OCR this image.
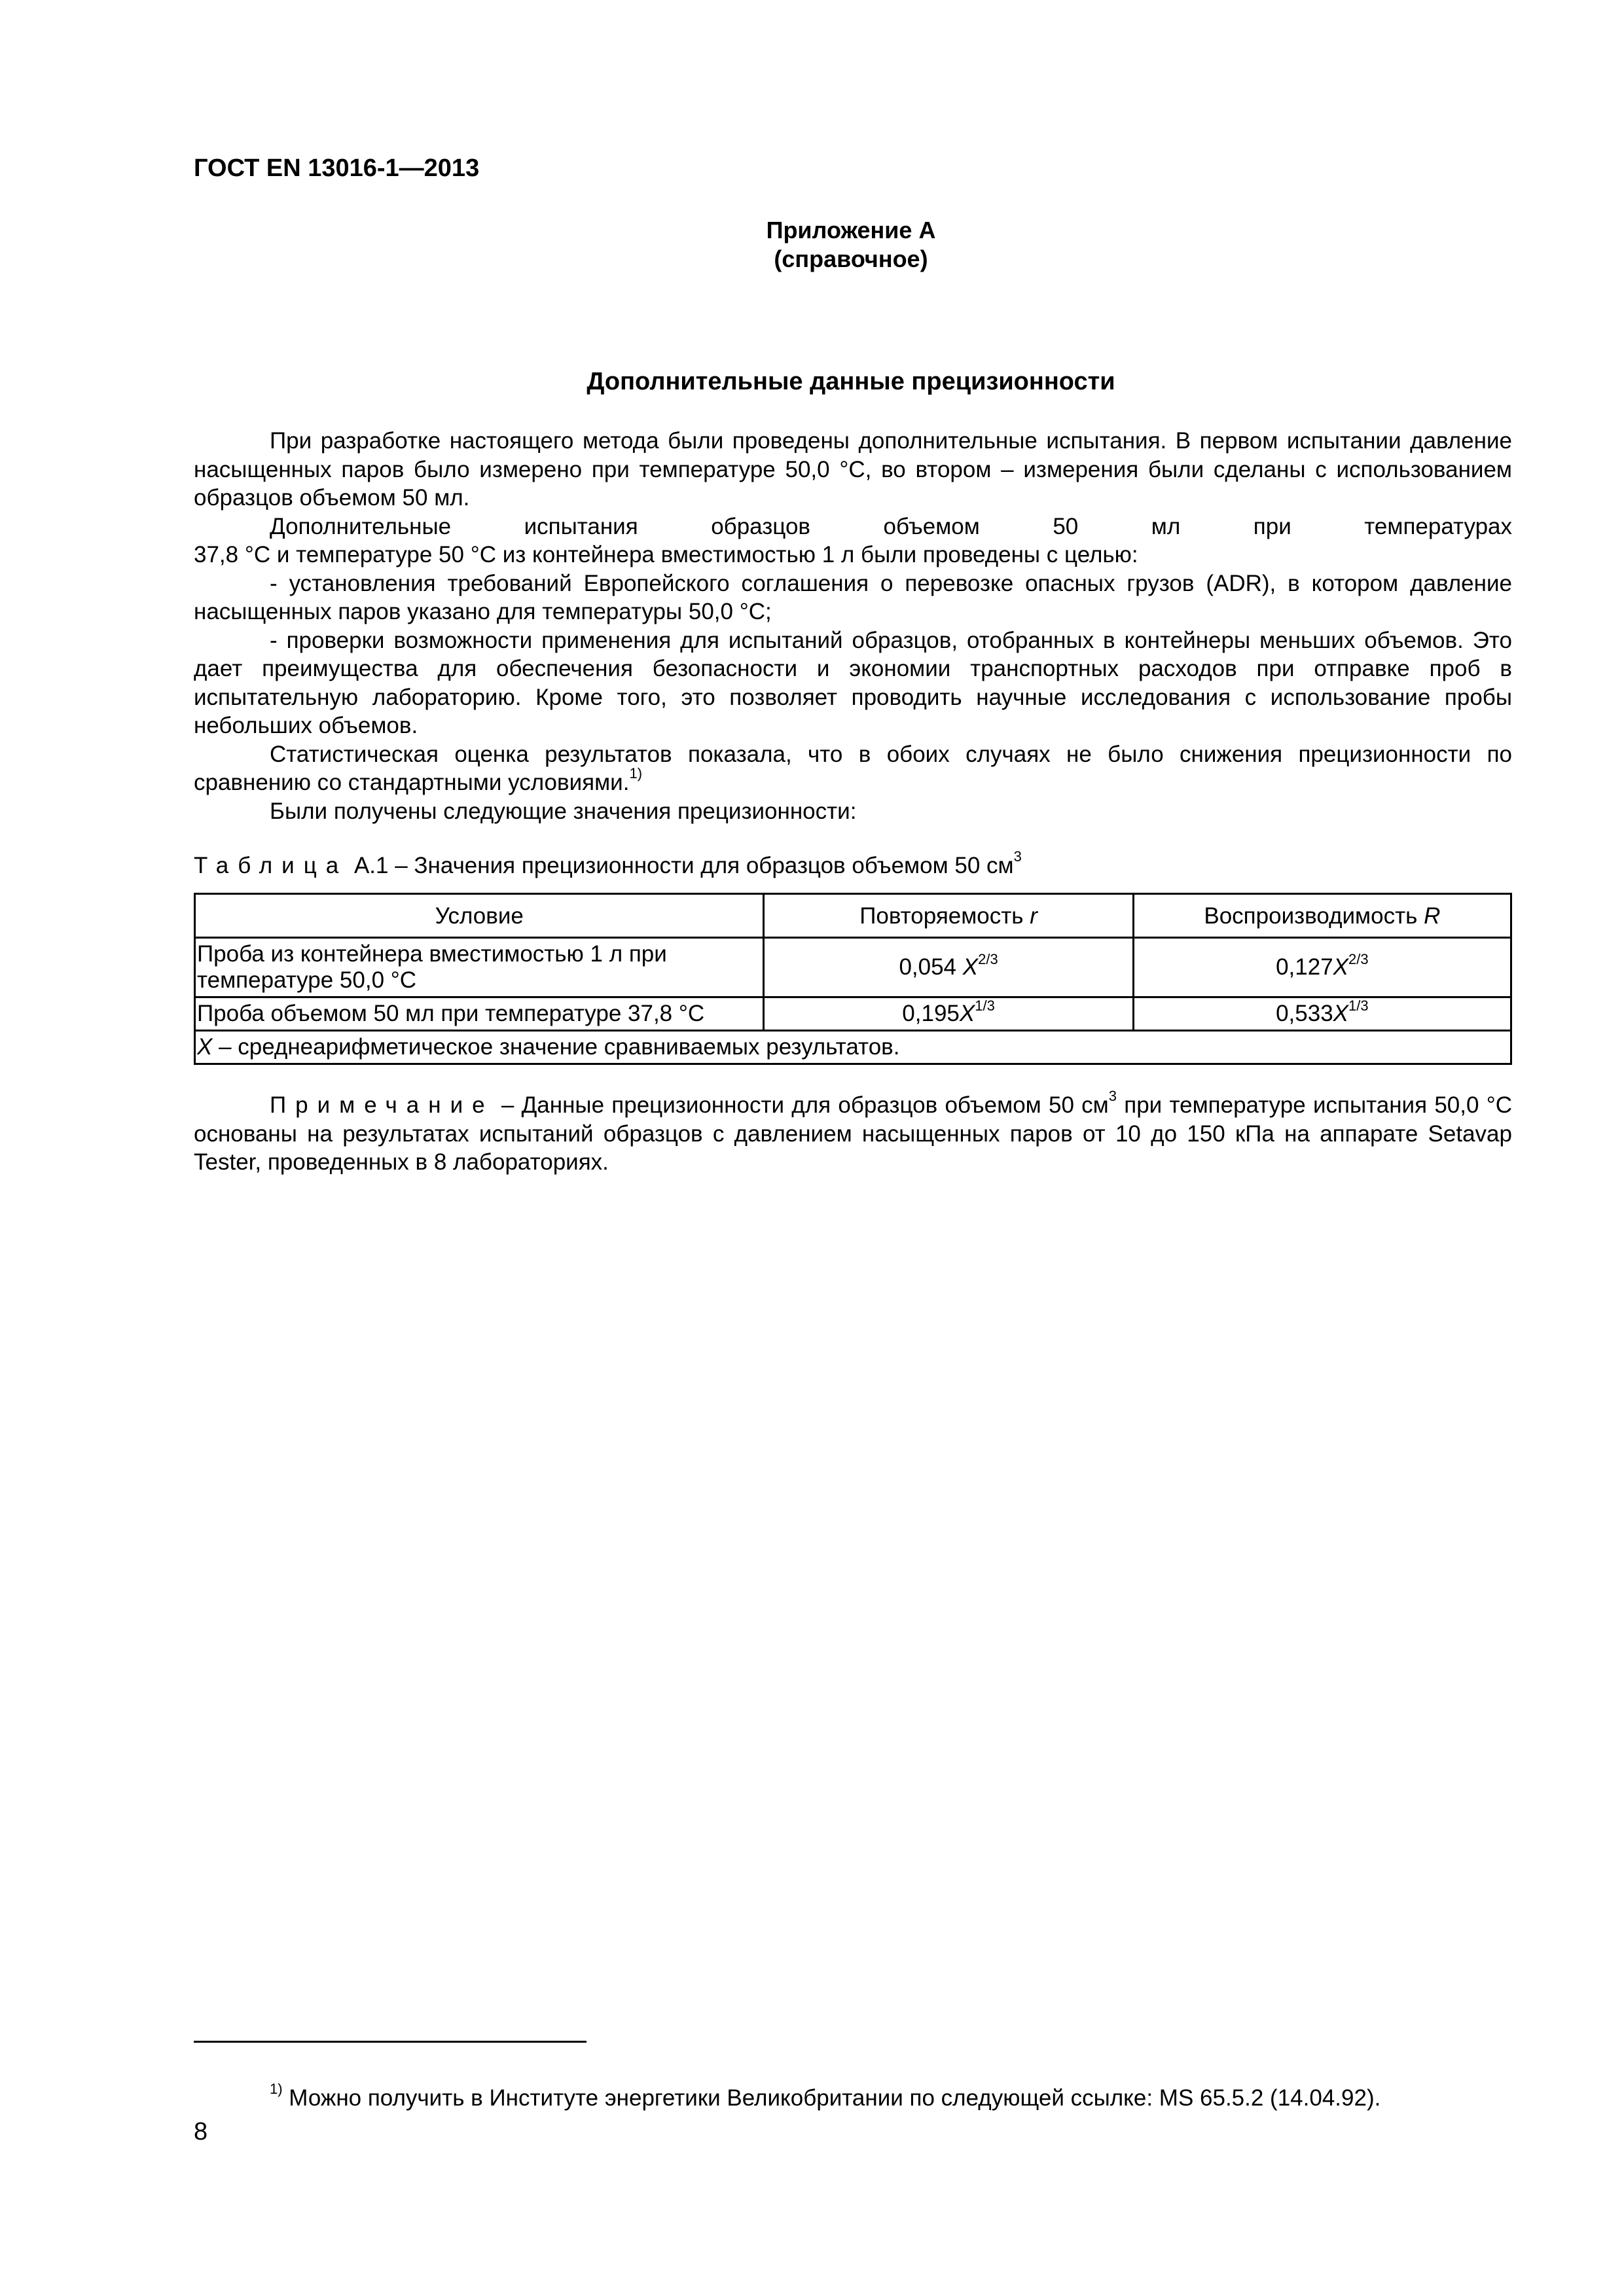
ГОСТ EN 13016-1—2013
Приложение А
(справочное)
Дополнительные данные прецизионности

При разработке настоящего метода были проведены дополнительные испытания. В первом испытании давление насыщенных паров было измерено при температуре 50,0 °С, во втором – измерения были сделаны с использованием образцов объемом 50 мл.

Дополнительные испытания образцов объемом 50 мл при температурах

37,8 °С и температуре 50 °С из контейнера вместимостью 1 л были проведены с целью:

- установления требований Европейского соглашения о перевозке опасных грузов (ADR), в котором давление насыщенных паров указано для температуры 50,0 °С;

- проверки возможности применения для испытаний образцов, отобранных в контейнеры меньших объемов. Это дает преимущества для обеспечения безопасности и экономии транспортных расходов при отправке проб в испытательную лабораторию. Кроме того, это позволяет проводить научные исследования с использование пробы небольших объемов.

Статистическая оценка результатов показала, что в обоих случаях не было снижения прецизионности по сравнению со стандартными условиями.$^{1)}$

Были получены следующие значения прецизионности:

Таблица А.1 – Значения прецизионности для образцов объемом 50 $см^3$
Условие	Повторяемость r	Воспроизводимость R
Проба из контейнера вместимостью 1 л при температуре 50,0 °С	0,054 $X^{2/3}$	$0,127X^{2/3}$
Проба объемом 50 мл при температуре 37,8 °С	$0,195X^{1/3}$	$0,533X^{1/3}$
X – среднеарифметическое значение сравниваемых результатов.		

Примечание – Данные прецизионности для образцов объемом 50 $см^3$ при температуре испытания 50,0 °С основаны на результатах испытаний образцов с давлением насыщенных паров от 10 до 150 кПа на аппарате Setavap Tester, проведенных в 8 лабораториях.

$^{1)}$ Можно получить в Институте энергетики Великобритании по следующей ссылке: MS 65.5.2 (14.04.92).
8
